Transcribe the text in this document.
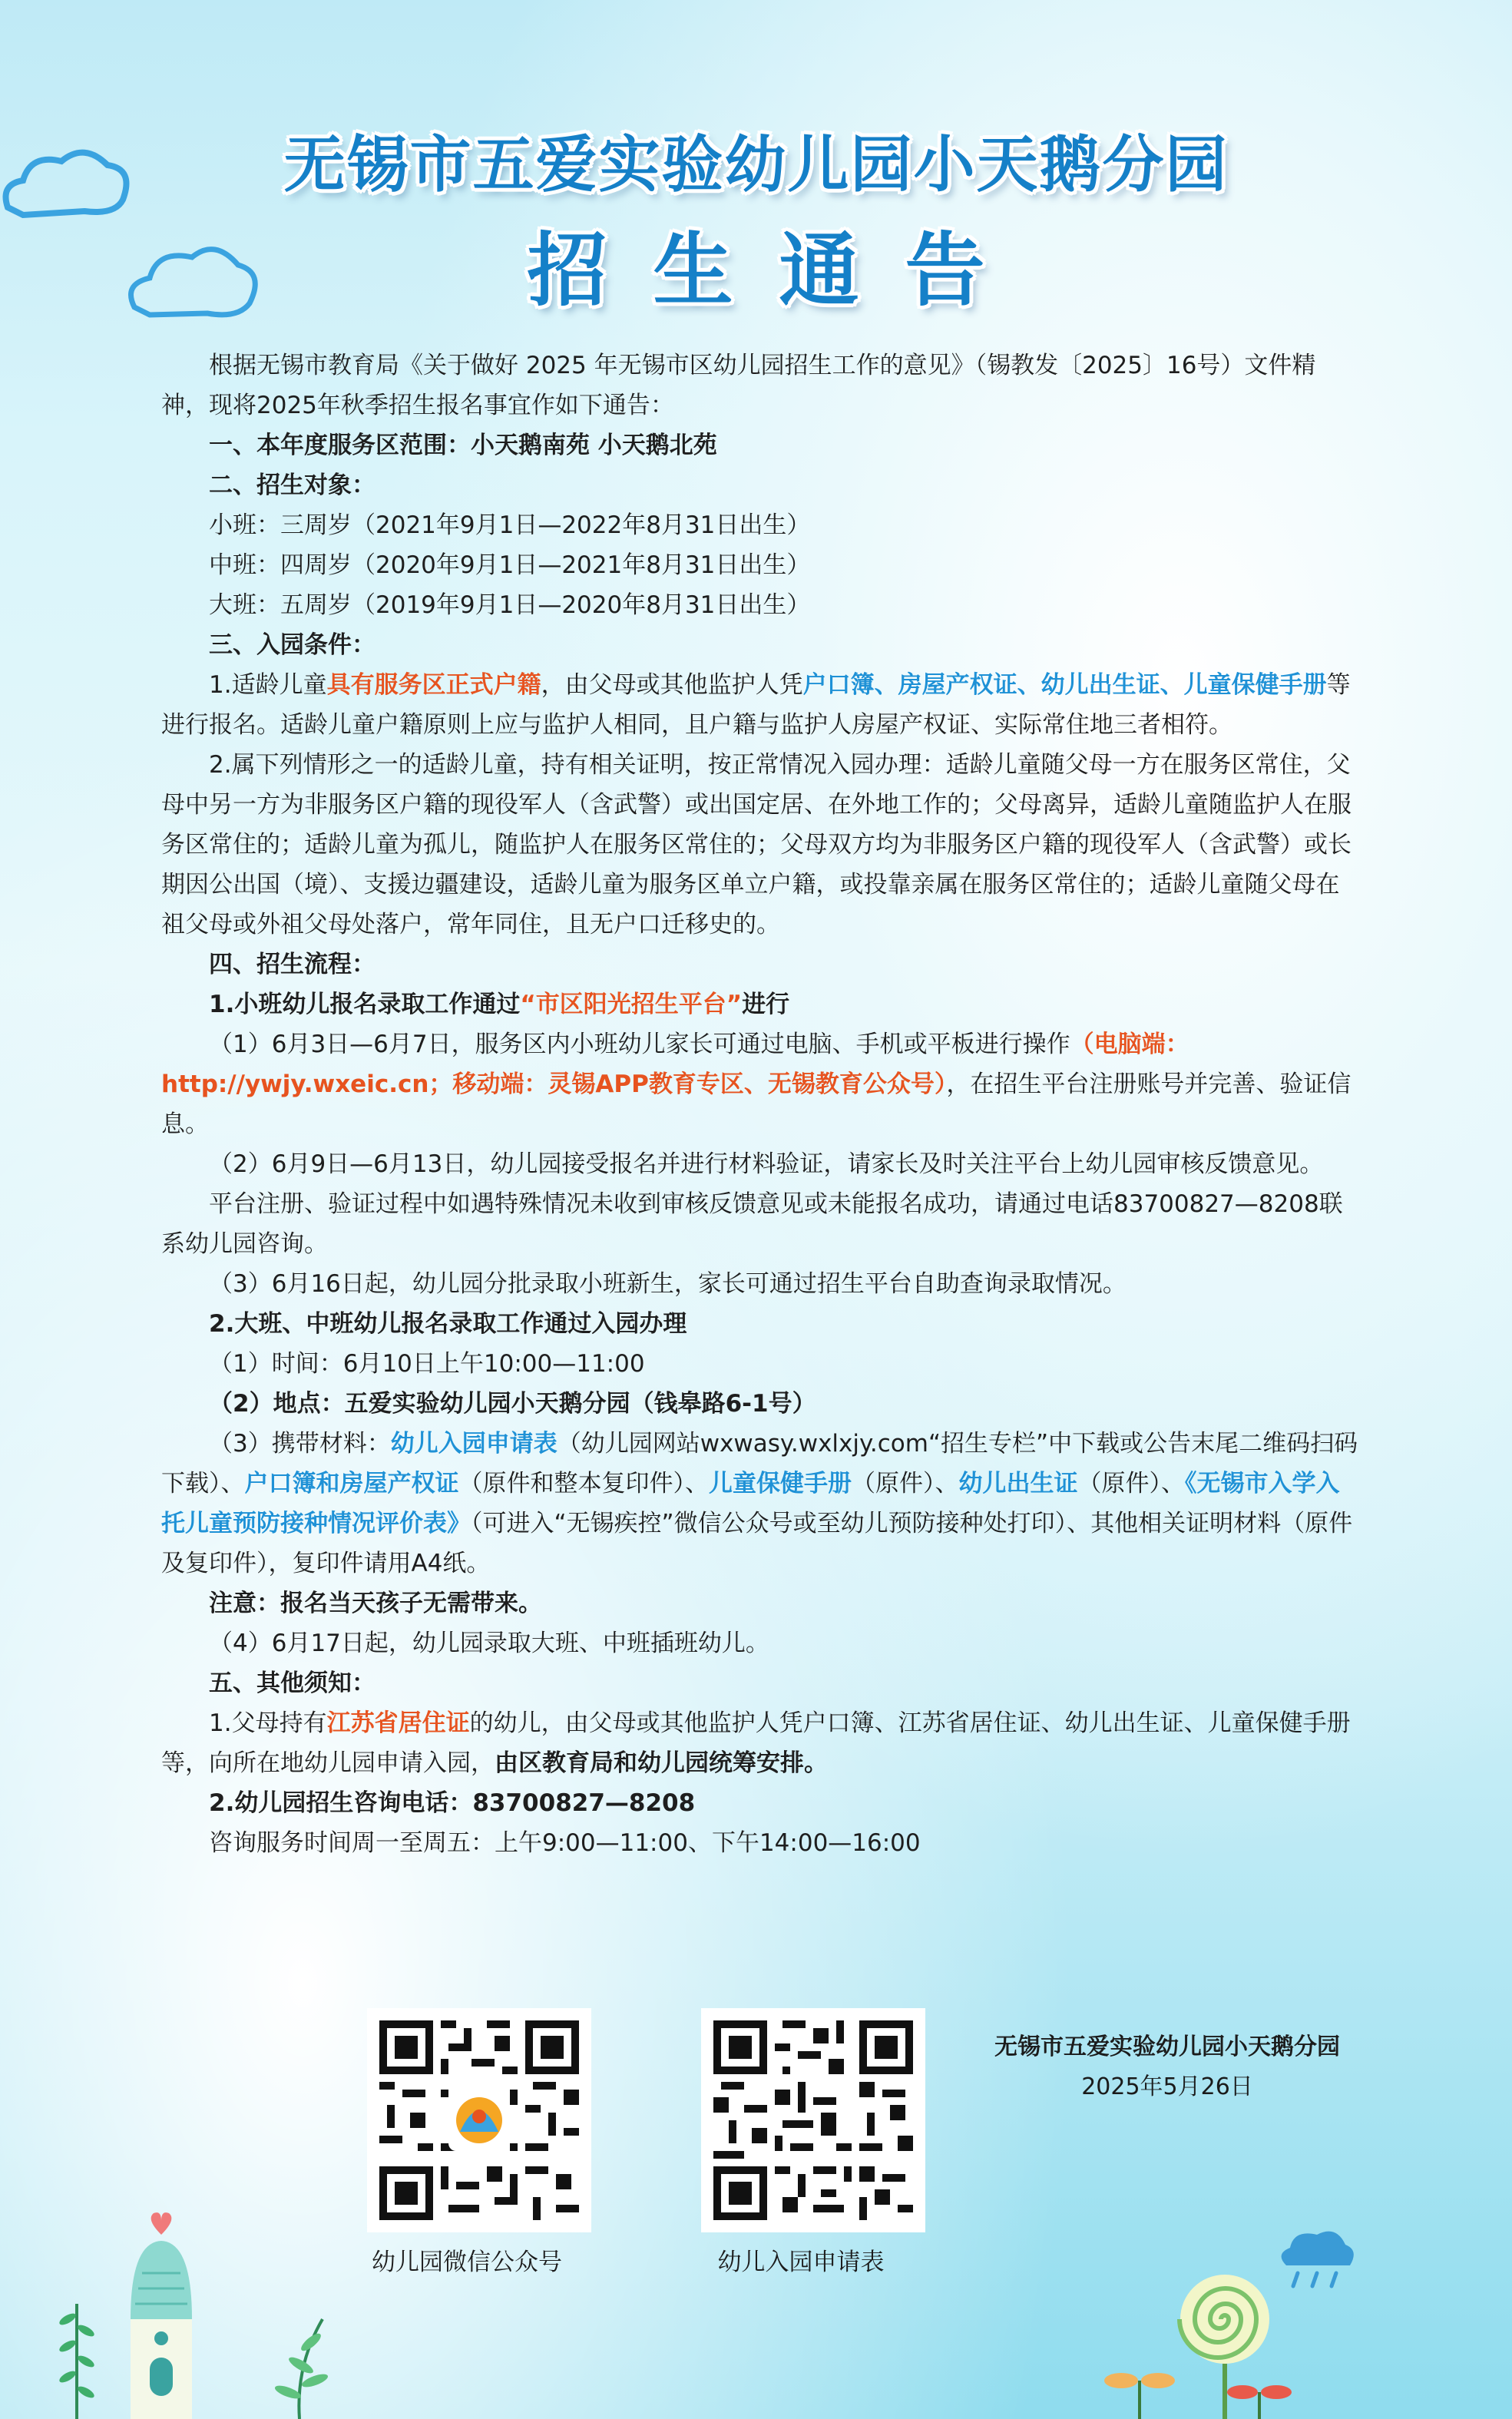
无锡市五爱实验幼儿园小天鹅分园
招生通告

根据无锡市教育局《关于做好 2025 年无锡市区幼儿园招生工作的意见》（锡教发〔2025〕16号）文件精神，现将2025年秋季招生报名事宜作如下通告：

一、本年度服务区范围：小天鹅南苑 小天鹅北苑

二、招生对象：

小班：三周岁（2021年9月1日—2022年8月31日出生）

中班：四周岁（2020年9月1日—2021年8月31日出生）

大班：五周岁（2019年9月1日—2020年8月31日出生）

三、入园条件：

1.适龄儿童具有服务区正式户籍，由父母或其他监护人凭户口簿、房屋产权证、幼儿出生证、儿童保健手册等进行报名。适龄儿童户籍原则上应与监护人相同，且户籍与监护人房屋产权证、实际常住地三者相符。

2.属下列情形之一的适龄儿童，持有相关证明，按正常情况入园办理：适龄儿童随父母一方在服务区常住，父母中另一方为非服务区户籍的现役军人（含武警）或出国定居、在外地工作的；父母离异，适龄儿童随监护人在服务区常住的；适龄儿童为孤儿，随监护人在服务区常住的；父母双方均为非服务区户籍的现役军人（含武警）或长期因公出国（境）、支援边疆建设，适龄儿童为服务区单立户籍，或投靠亲属在服务区常住的；适龄儿童随父母在祖父母或外祖父母处落户，常年同住，且无户口迁移史的。

四、招生流程：

1.小班幼儿报名录取工作通过“市区阳光招生平台”进行

（1）6月3日—6月7日，服务区内小班幼儿家长可通过电脑、手机或平板进行操作（电脑端：http://ywjy.wxeic.cn；移动端：灵锡APP教育专区、无锡教育公众号），在招生平台注册账号并完善、验证信息。

（2）6月9日—6月13日，幼儿园接受报名并进行材料验证，请家长及时关注平台上幼儿园审核反馈意见。

平台注册、验证过程中如遇特殊情况未收到审核反馈意见或未能报名成功，请通过电话83700827—8208联系幼儿园咨询。

（3）6月16日起，幼儿园分批录取小班新生，家长可通过招生平台自助查询录取情况。

2.大班、中班幼儿报名录取工作通过入园办理

（1）时间：6月10日上午10:00—11:00

（2）地点：五爱实验幼儿园小天鹅分园（钱皋路6-1号）

（3）携带材料：幼儿入园申请表（幼儿园网站wxwasy.wxlxjy.com“招生专栏”中下载或公告末尾二维码扫码下载）、户口簿和房屋产权证（原件和整本复印件）、儿童保健手册（原件）、幼儿出生证（原件）、《无锡市入学入托儿童预防接种情况评价表》（可进入“无锡疾控”微信公众号或至幼儿预防接种处打印）、其他相关证明材料（原件及复印件），复印件请用A4纸。

注意：报名当天孩子无需带来。

（4）6月17日起，幼儿园录取大班、中班插班幼儿。

五、其他须知：

1.父母持有江苏省居住证的幼儿，由父母或其他监护人凭户口簿、江苏省居住证、幼儿出生证、儿童保健手册等，向所在地幼儿园申请入园，由区教育局和幼儿园统筹安排。

2.幼儿园招生咨询电话：83700827—8208

咨询服务时间周一至周五：上午9:00—11:00、下午14:00—16:00

幼儿园微信公众号	幼儿入园申请表
无锡市五爱实验幼儿园小天鹅分园
2025年5月26日
